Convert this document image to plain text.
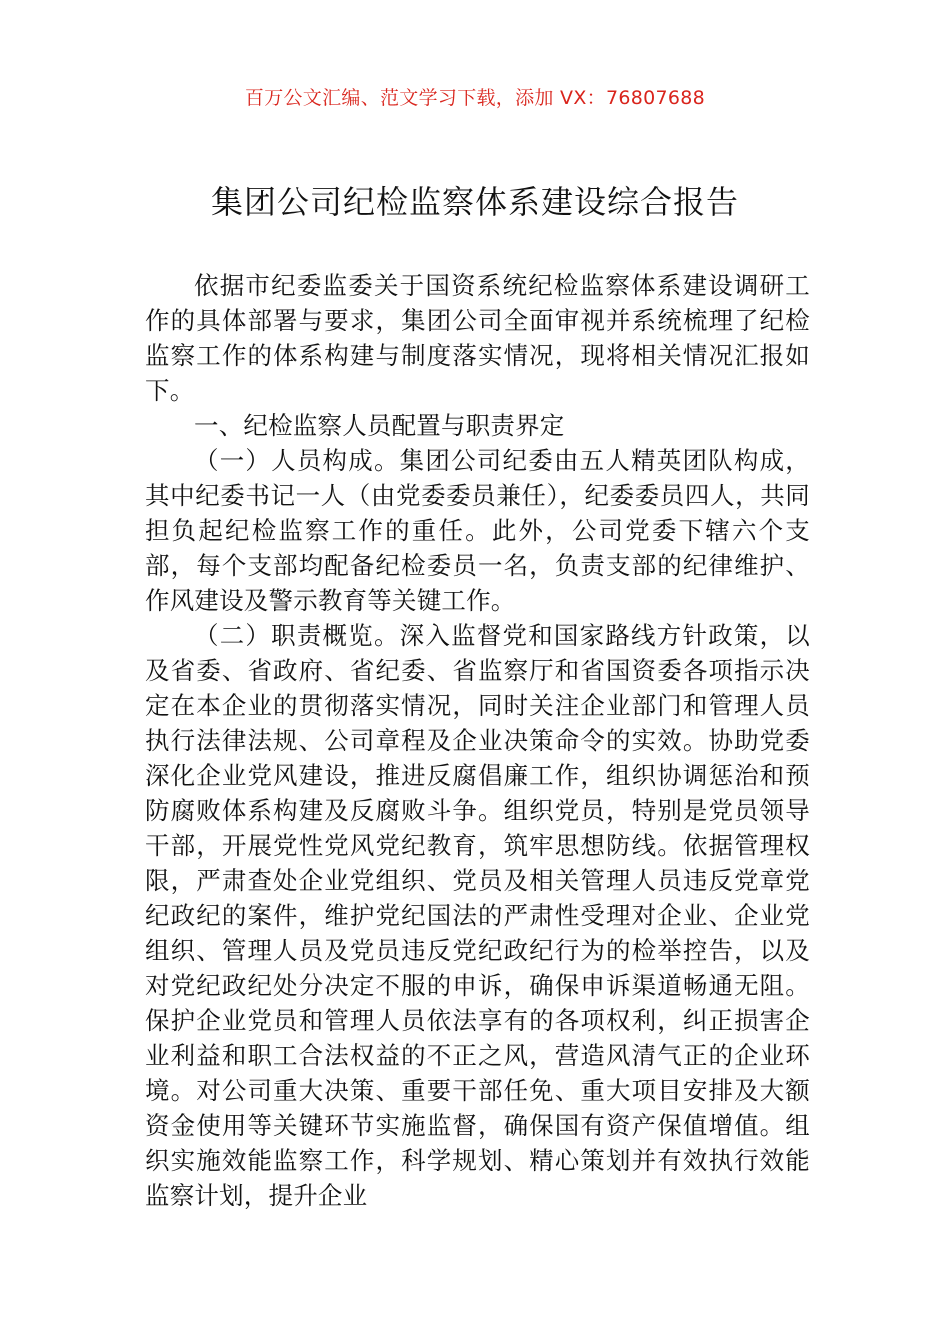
百万公文汇编、范文学习下载，添加 VX：76807688
集团公司纪检监察体系建设综合报告

依据市纪委监委关于国资系统纪检监察体系建设调研工作的具体部署与要求，集团公司全面审视并系统梳理了纪检监察工作的体系构建与制度落实情况，现将相关情况汇报如下。

一、纪检监察人员配置与职责界定

（一）人员构成。集团公司纪委由五人精英团队构成，其中纪委书记一人（由党委委员兼任），纪委委员四人，共同担负起纪检监察工作的重任。此外，公司党委下辖六个支部，每个支部均配备纪检委员一名，负责支部的纪律维护、作风建设及警示教育等关键工作。

（二）职责概览。深入监督党和国家路线方针政策，以及省委、省政府、省纪委、省监察厅和省国资委各项指示决定在本企业的贯彻落实情况，同时关注企业部门和管理人员执行法律法规、公司章程及企业决策命令的实效。协助党委深化企业党风建设，推进反腐倡廉工作，组织协调惩治和预防腐败体系构建及反腐败斗争。组织党员，特别是党员领导干部，开展党性党风党纪教育，筑牢思想防线。依据管理权限，严肃查处企业党组织、党员及相关管理人员违反党章党纪政纪的案件，维护党纪国法的严肃性受理对企业、企业党组织、管理人员及党员违反党纪政纪行为的检举控告，以及对党纪政纪处分决定不服的申诉，确保申诉渠道畅通无阻。保护企业党员和管理人员依法享有的各项权利，纠正损害企业利益和职工合法权益的不正之风，营造风清气正的企业环境。对公司重大决策、重要干部任免、重大项目安排及大额资金使用等关键环节实施监督，确保国有资产保值增值。组织实施效能监察工作，科学规划、精心策划并有效执行效能监察计划，提升企业
